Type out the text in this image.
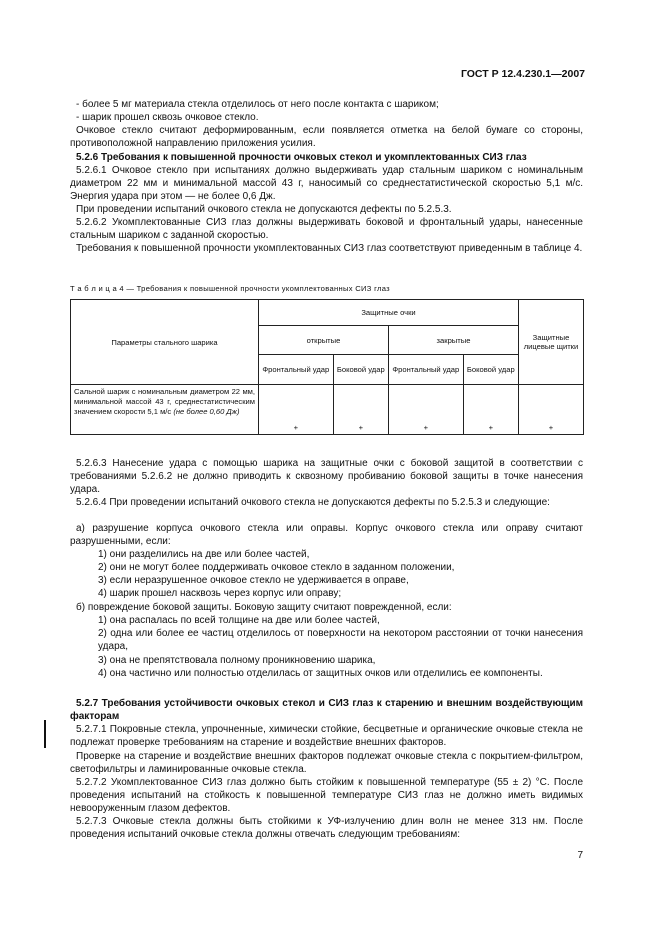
ГОСТ Р 12.4.230.1—2007
- более 5 мг материала стекла отделилось от него после контакта с шариком;
- шарик прошел сквозь очковое стекло.
Очковое стекло считают деформированным, если появляется отметка на белой бумаге со стороны, противоположной направлению приложения усилия.
5.2.6 Требования к повышенной прочности очковых стекол и укомплектованных СИЗ глаз
5.2.6.1 Очковое стекло при испытаниях должно выдерживать удар стальным шариком с номинальным диаметром 22 мм и минимальной массой 43 г, наносимый со среднестатистической скоростью 5,1 м/с. Энергия удара при этом — не более 0,6 Дж.
При проведении испытаний очкового стекла не допускаются дефекты по 5.2.5.3.
5.2.6.2 Укомплектованные СИЗ глаз должны выдерживать боковой и фронтальный удары, нанесенные стальным шариком с заданной скоростью.
Требования к повышенной прочности укомплектованных СИЗ глаз соответствуют приведенным в таблице 4.
Т а б л и ц а 4 — Требования к повышенной прочности укомплектованных СИЗ глаз
Параметры стального шарика	Защитные очки				Защитные лицевые щитки
	открытые		закрытые		
	Фронтальный удар	Боковой удар	Фронтальный удар	Боковой удар	
Сальной шарик с номинальным диаметром 22 мм, минимальной массой 43 г, среднестатистическим значением скорости 5,1 м/с (не более 0,60 Дж)	+	+	+	+	+
5.2.6.3 Нанесение удара с помощью шарика на защитные очки с боковой защитой в соответствии с требованиями 5.2.6.2 не должно приводить к сквозному пробиванию боковой защиты в точке нанесения удара.
5.2.6.4 При проведении испытаний очкового стекла не допускаются дефекты по 5.2.5.3 и следующие:
а) разрушение корпуса очкового стекла или оправы. Корпус очкового стекла или оправу считают разрушенными, если:
1) они разделились на две или более частей,
2) они не могут более поддерживать очковое стекло в заданном положении,
3) если неразрушенное очковое стекло не удерживается в оправе,
4) шарик прошел насквозь через корпус или оправу;
б) повреждение боковой защиты. Боковую защиту считают поврежденной, если:
1) она распалась по всей толщине на две или более частей,
2) одна или более ее частиц отделилось от поверхности на некотором расстоянии от точки нанесения удара,
3) она не препятствовала полному проникновению шарика,
4) она частично или полностью отделилась от защитных очков или отделились ее компоненты.
5.2.7 Требования устойчивости очковых стекол и СИЗ глаз к старению и внешним воздействующим факторам
5.2.7.1 Покровные стекла, упрочненные, химически стойкие, бесцветные и органические очковые стекла не подлежат проверке требованиям на старение и воздействие внешних факторов.
Проверке на старение и воздействие внешних факторов подлежат очковые стекла с покрытием-фильтром, светофильтры и ламинированные очковые стекла.
5.2.7.2 Укомплектованное СИЗ глаз должно быть стойким к повышенной температуре (55 ± 2) °С. После проведения испытаний на стойкость к повышенной температуре СИЗ глаз не должно иметь видимых невооруженным глазом дефектов.
5.2.7.3 Очковые стекла должны быть стойкими к УФ-излучению длин волн не менее 313 нм. После проведения испытаний очковые стекла должны отвечать следующим требованиям:
7
